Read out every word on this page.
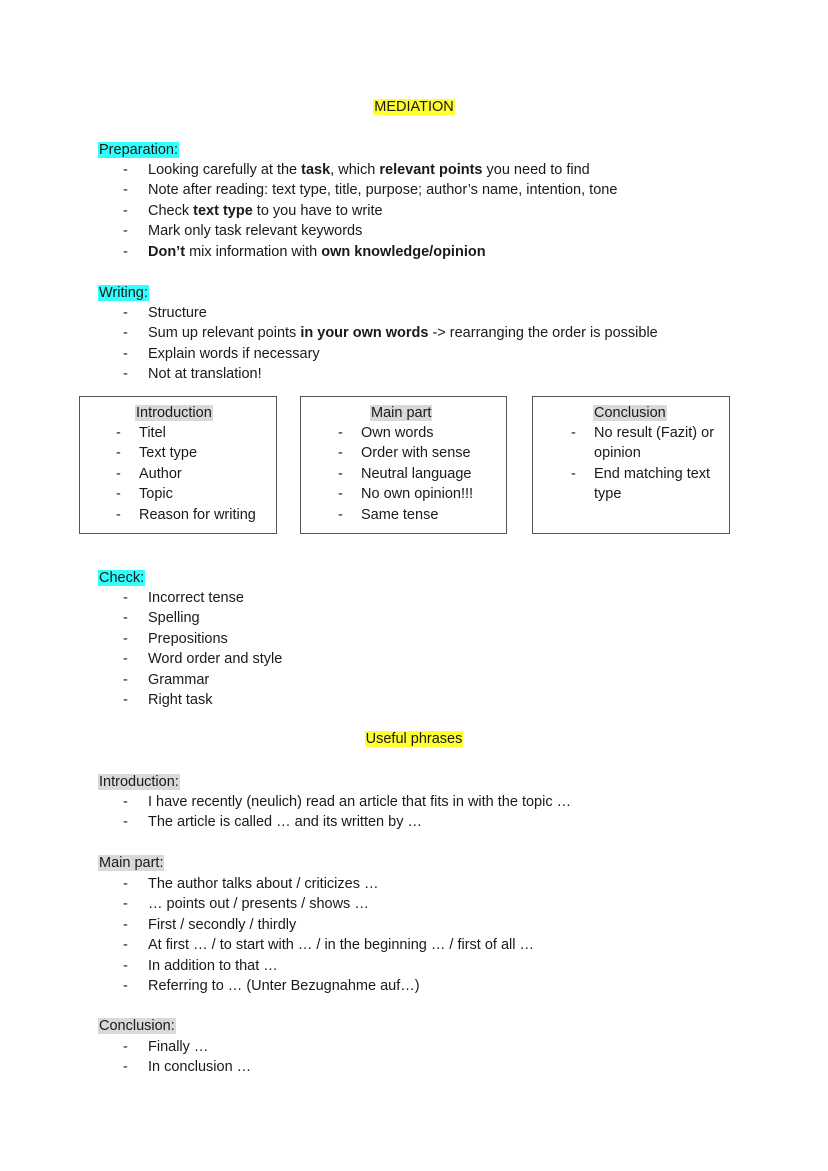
MEDIATION
Preparation:
- Looking carefully at the task, which relevant points you need to find
- Note after reading: text type, title, purpose; author’s name, intention, tone
- Check text type to you have to write
- Mark only task relevant keywords
- Don’t mix information with own knowledge/opinion
Writing:
- Structure
- Sum up relevant points in your own words -> rearranging the order is possible
- Explain words if necessary
- Not at translation!
Introduction
- Titel
- Text type
- Author
- Topic
- Reason for writing
Main part
- Own words
- Order with sense
- Neutral language
- No own opinion!!!
- Same tense
Conclusion
- No result (Fazit) or opinion
- End matching text type
Check:
- Incorrect tense
- Spelling
- Prepositions
- Word order and style
- Grammar
- Right task
Useful phrases
Introduction:
- I have recently (neulich) read an article that fits in with the topic …
- The article is called … and its written by …
Main part:
- The author talks about / criticizes …
- … points out / presents / shows …
- First / secondly / thirdly
- At first … / to start with … / in the beginning … / first of all …
- In addition to that …
- Referring to … (Unter Bezugnahme auf…)
Conclusion:
- Finally …
- In conclusion …
